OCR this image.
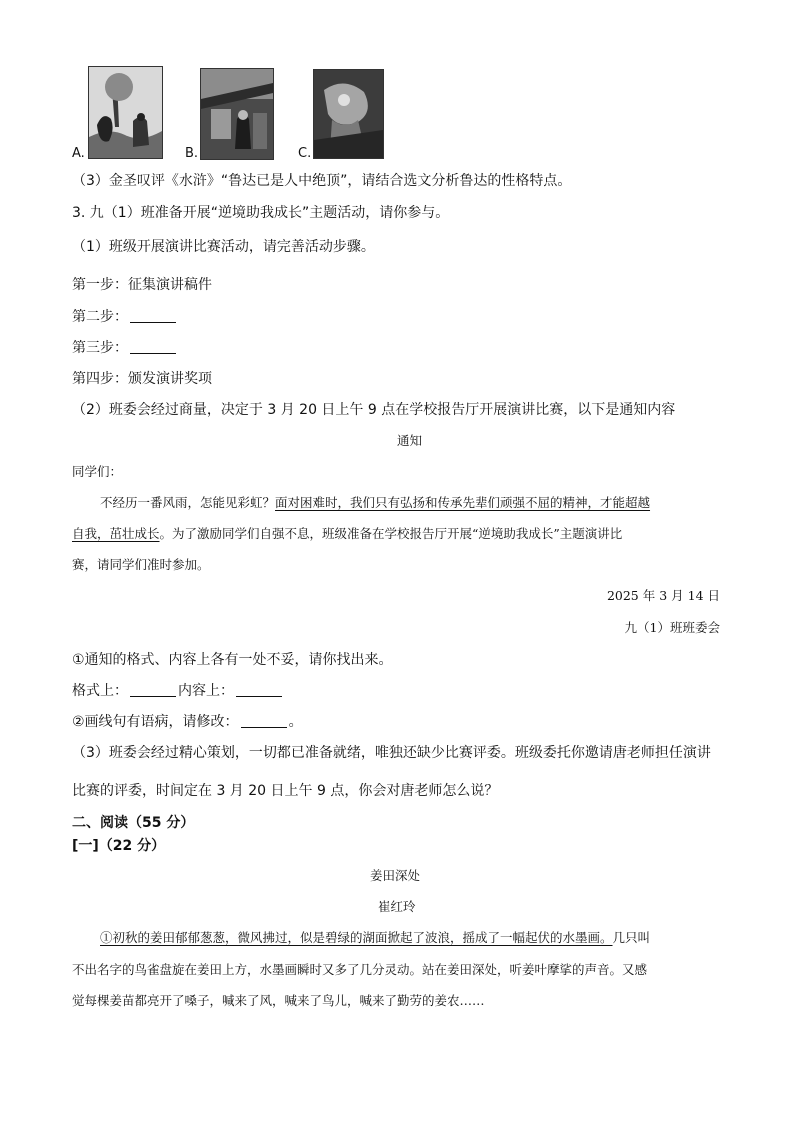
A.	B.	C.
（3）金圣叹评《水浒》“鲁达已是人中绝顶”，请结合选文分析鲁达的性格特点。
3. 九（1）班准备开展“逆境助我成长”主题活动，请你参与。
（1）班级开展演讲比赛活动，请完善活动步骤。
第一步：征集演讲稿件
第二步：
第三步：
第四步：颁发演讲奖项
（2）班委会经过商量，决定于 3 月 20 日上午 9 点在学校报告厅开展演讲比赛，以下是通知内容
通知
同学们：
不经历一番风雨，怎能见彩虹？面对困难时，我们只有弘扬和传承先辈们顽强不屈的精神，才能超越
自我，茁壮成长。为了激励同学们自强不息，班级准备在学校报告厅开展“逆境助我成长”主题演讲比
赛，请同学们准时参加。
2025 年 3 月 14 日
九（1）班班委会
①通知的格式、内容上各有一处不妥，请你找出来。
格式上：	内容上：
②画线句有语病，请修改：	。
（3）班委会经过精心策划，一切都已准备就绪，唯独还缺少比赛评委。班级委托你邀请唐老师担任演讲
比赛的评委，时间定在 3 月 20 日上午 9 点，你会对唐老师怎么说？
二、阅读（55 分）
[一]（22 分）
姜田深处
崔红玲
①初秋的姜田郁郁葱葱，微风拂过，似是碧绿的湖面掀起了波浪，摇成了一幅起伏的水墨画。几只叫
不出名字的鸟雀盘旋在姜田上方，水墨画瞬时又多了几分灵动。站在姜田深处，听姜叶摩挲的声音。又感
觉每棵姜苗都亮开了嗓子，喊来了风，喊来了鸟儿，喊来了勤劳的姜农……
